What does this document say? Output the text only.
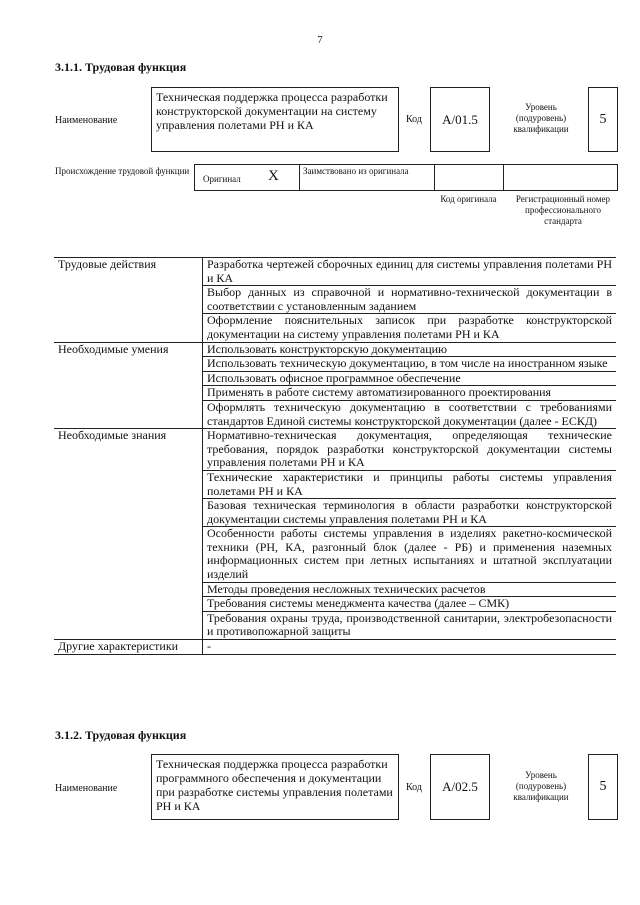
7
3.1.1. Трудовая функция
Наименование
Техническая поддержка процесса разработки конструкторской документации на систему управления полетами РН и КА	Код	А/01.5
Уровень (подуровень) квалификации
5
Происхождение трудовой функции
Оригинал X	Заимствовано из оригинала
Код оригинала	Регистрационный номер профессионального стандарта
Трудовые действия	Разработка чертежей сборочных единиц для системы управления полетами РН и КА
	Выбор данных из справочной и нормативно-технической документации в соответствии с установленным заданием
	Оформление пояснительных записок при разработке конструкторской документации на систему управления полетами РН и КА
Необходимые умения	Использовать конструкторскую документацию
	Использовать техническую документацию, в том числе на иностранном языке
	Использовать офисное программное обеспечение
	Применять в работе систему автоматизированного проектирования
	Оформлять техническую документацию в соответствии с требованиями стандартов Единой системы конструкторской документации (далее - ЕСКД)
Необходимые знания	Нормативно-техническая документация, определяющая технические требования, порядок разработки конструкторской документации системы управления полетами РН и КА
	Технические характеристики и принципы работы системы управления полетами РН и КА
	Базовая техническая терминология в области разработки конструкторской документации системы управления полетами РН и КА
	Особенности работы системы управления в изделиях ракетно-космической техники (РН, КА, разгонный блок (далее - РБ) и применения наземных информационных систем при летных испытаниях и штатной эксплуатации изделий
	Методы проведения несложных технических расчетов
	Требования системы менеджмента качества (далее – СМК)
	Требования охраны труда, производственной санитарии, электробезопасности и противопожарной защиты
Другие характеристики	-
3.1.2. Трудовая функция
Наименование
Техническая поддержка процесса разработки программного обеспечения и документации при разработке системы управления полетами РН и КА
Код	А/02.5
Уровень (подуровень) квалификации
5
